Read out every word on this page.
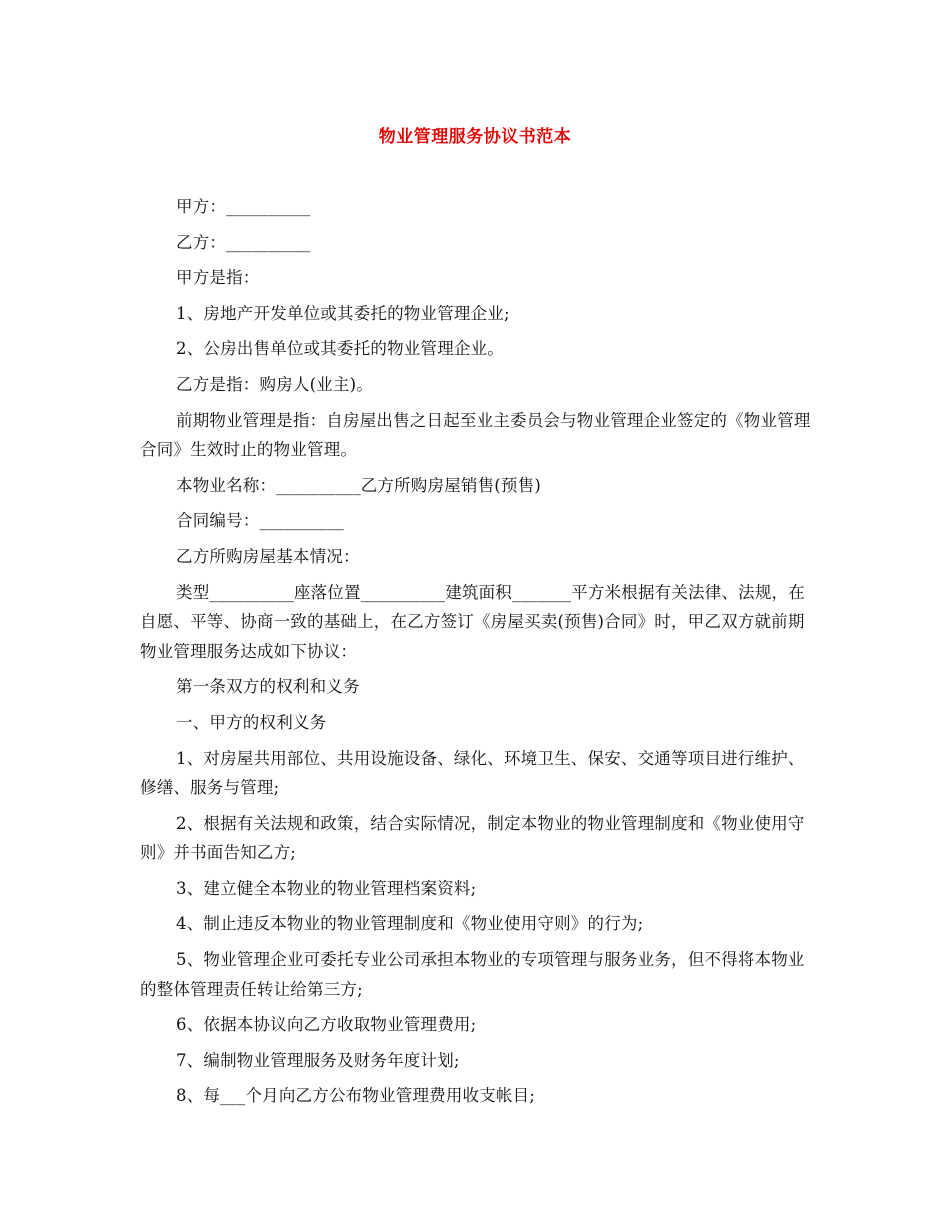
物业管理服务协议书范本

甲方：__________

乙方：__________

甲方是指：

1、房地产开发单位或其委托的物业管理企业;

2、公房出售单位或其委托的物业管理企业。

乙方是指：购房人(业主)。

前期物业管理是指：自房屋出售之日起至业主委员会与物业管理企业签定的《物业管理合同》生效时止的物业管理。

本物业名称：__________乙方所购房屋销售(预售)

合同编号：__________

乙方所购房屋基本情况：

类型__________座落位置__________建筑面积_______平方米根据有关法律、法规，在自愿、平等、协商一致的基础上，在乙方签订《房屋买卖(预售)合同》时，甲乙双方就前期物业管理服务达成如下协议：

第一条双方的权利和义务

一、甲方的权利义务

1、对房屋共用部位、共用设施设备、绿化、环境卫生、保安、交通等项目进行维护、修缮、服务与管理;

2、根据有关法规和政策，结合实际情况，制定本物业的物业管理制度和《物业使用守则》并书面告知乙方;

3、建立健全本物业的物业管理档案资料;

4、制止违反本物业的物业管理制度和《物业使用守则》的行为;

5、物业管理企业可委托专业公司承担本物业的专项管理与服务业务，但不得将本物业的整体管理责任转让给第三方;

6、依据本协议向乙方收取物业管理费用;

7、编制物业管理服务及财务年度计划;

8、每___个月向乙方公布物业管理费用收支帐目;
